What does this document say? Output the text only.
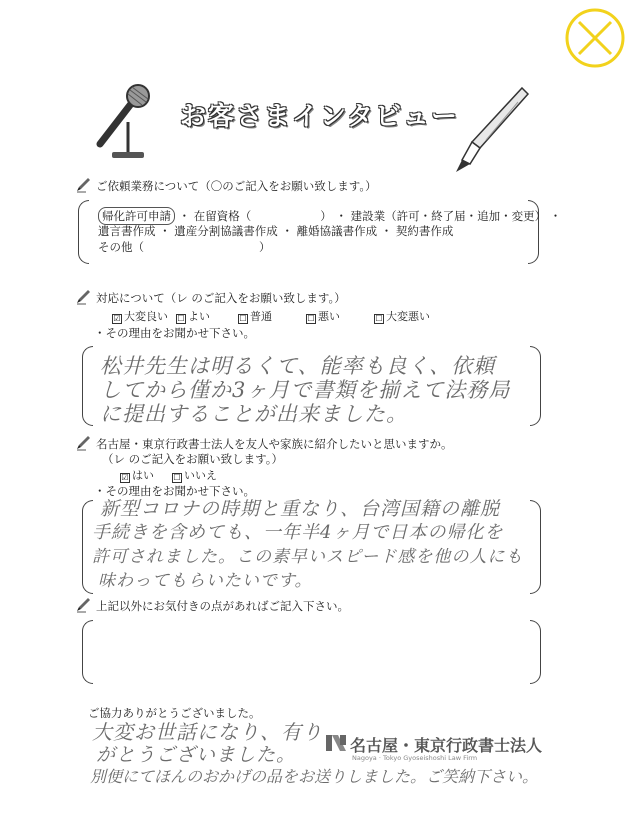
お客さまインタビュー
ご依頼業務について（〇のご記入をお願い致します。）
帰化許可申請 ・ 在留資格（　　　　　　） ・ 建設業（許可・終了届・追加・変更） ・
遺言書作成 ・ 遺産分割協議書作成 ・ 離婚協議書作成 ・ 契約書作成
その他（　　　　　　　　　　）
対応について（レ のご記入をお願い致します。）
☑ 大変良い ☐ よい	☐ 普通	☐ 悪い	☐ 大変悪い
・その理由をお聞かせ下さい。
松井先生は明るくて、能率も良く、依頼
してから僅か3ヶ月で書類を揃えて法務局
に提出することが出来ました。
名古屋・東京行政書士法人を友人や家族に紹介したいと思いますか。
（レ のご記入をお願い致します。）
☑ はい ☐ いいえ
・その理由をお聞かせ下さい。
新型コロナの時期と重なり、台湾国籍の離脱
手続きを含めても、一年半4ヶ月で日本の帰化を
許可されました。この素早いスピード感を他の人にも
味わってもらいたいです。
上記以外にお気付きの点があればご記入下さい。
ご協力ありがとうございました。
大変お世話になり、有り
がとうございました。
別便にてほんのおかげの品をお送りしました。ご笑納下さい。
名古屋・東京行政書士法人
Nagoya · Tokyo Gyoseishoshi Law Firm
